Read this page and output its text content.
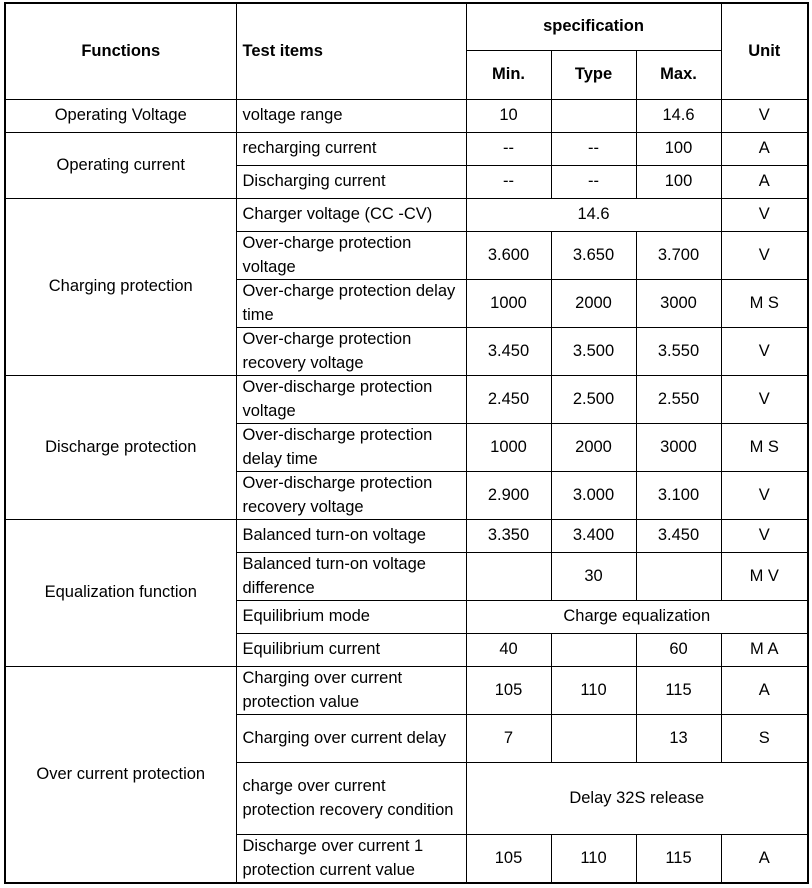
Functions	Test items	specification			Unit
		Min.	Type	Max.	
Operating Voltage	voltage range	10		14.6	V
Operating current	recharging current	--	--	100	A
	Discharging current	--	--	100	A
Charging protection	Charger voltage (CC -CV)	14.6			V
	Over-charge protection voltage	3.600	3.650	3.700	V
	Over-charge protection delay time	1000	2000	3000	M S
	Over-charge protection recovery voltage	3.450	3.500	3.550	V
Discharge protection	Over-discharge protection voltage	2.450	2.500	2.550	V
	Over-discharge protection delay time	1000	2000	3000	M S
	Over-discharge protection recovery voltage	2.900	3.000	3.100	V
Equalization function	Balanced turn-on voltage	3.350	3.400	3.450	V
	Balanced turn-on voltage difference		30		M V
	Equilibrium mode	Charge equalization			
	Equilibrium current	40		60	M A
Over current protection	Charging over current protection value	105	110	115	A
	Charging over current delay	7		13	S
	charge over current protection recovery condition	Delay 32S release			
	Discharge over current 1 protection current value	105	110	115	A
